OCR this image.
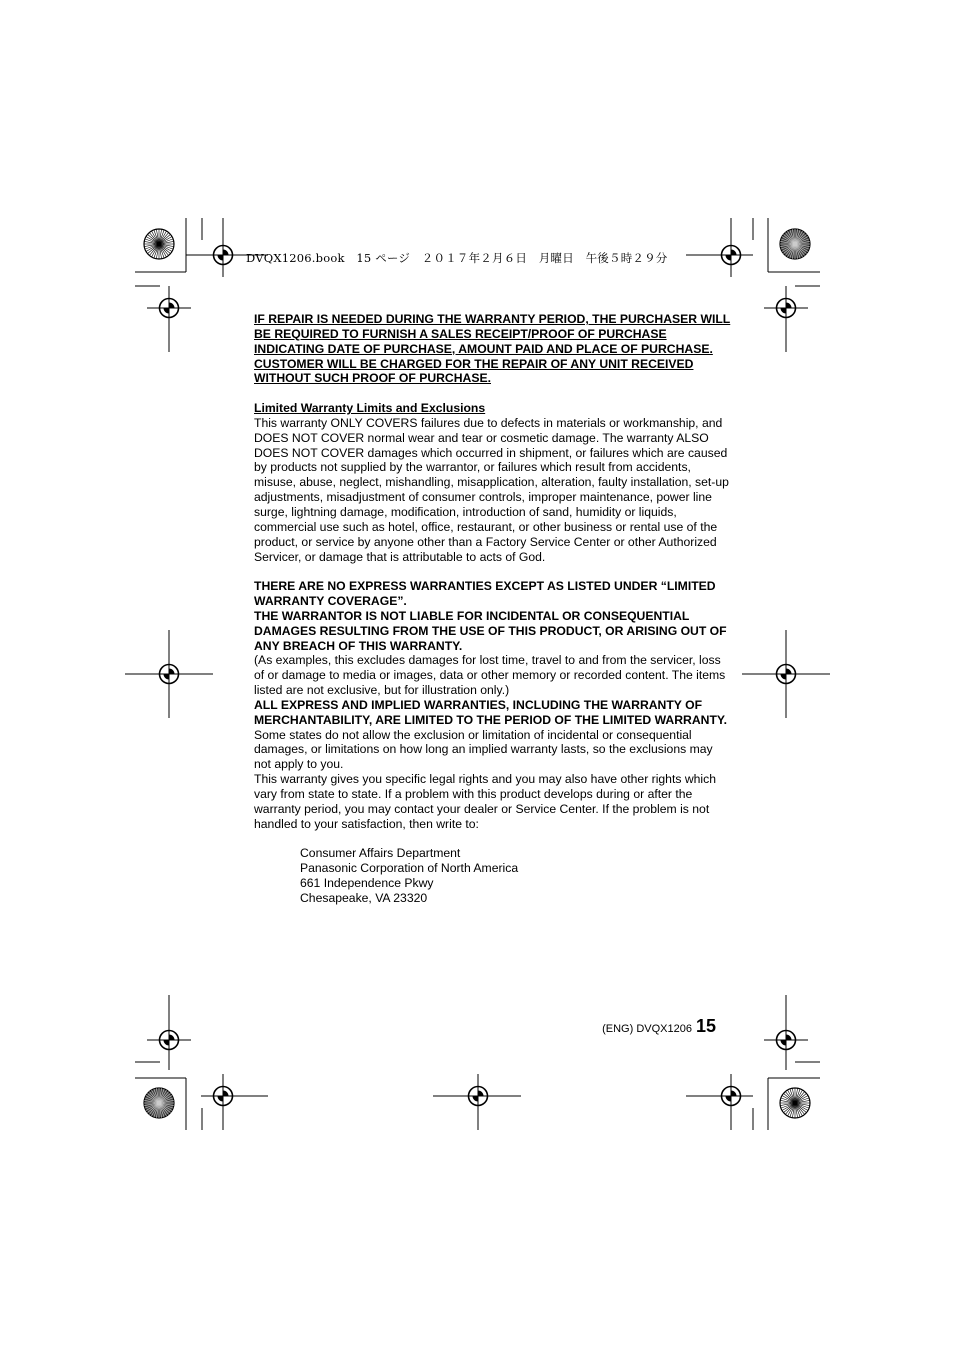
DVQX1206.book　15 ページ　２０１７年２月６日　月曜日　午後５時２９分

IF REPAIR IS NEEDED DURING THE WARRANTY PERIOD, THE PURCHASER WILL BE REQUIRED TO FURNISH A SALES RECEIPT/PROOF OF PURCHASE INDICATING DATE OF PURCHASE, AMOUNT PAID AND PLACE OF PURCHASE. CUSTOMER WILL BE CHARGED FOR THE REPAIR OF ANY UNIT RECEIVED WITHOUT SUCH PROOF OF PURCHASE.

Limited Warranty Limits and Exclusions

This warranty ONLY COVERS failures due to defects in materials or workmanship, and DOES NOT COVER normal wear and tear or cosmetic damage. The warranty ALSO DOES NOT COVER damages which occurred in shipment, or failures which are caused by products not supplied by the warrantor, or failures which result from accidents, misuse, abuse, neglect, mishandling, misapplication, alteration, faulty installation, set-up adjustments, misadjustment of consumer controls, improper maintenance, power line surge, lightning damage, modification, introduction of sand, humidity or liquids, commercial use such as hotel, office, restaurant, or other business or rental use of the product, or service by anyone other than a Factory Service Center or other Authorized Servicer, or damage that is attributable to acts of God.

THERE ARE NO EXPRESS WARRANTIES EXCEPT AS LISTED UNDER “LIMITED WARRANTY COVERAGE”.

THE WARRANTOR IS NOT LIABLE FOR INCIDENTAL OR CONSEQUENTIAL DAMAGES RESULTING FROM THE USE OF THIS PRODUCT, OR ARISING OUT OF ANY BREACH OF THIS WARRANTY.

(As examples, this excludes damages for lost time, travel to and from the servicer, loss of or damage to media or images, data or other memory or recorded content. The items listed are not exclusive, but for illustration only.)

ALL EXPRESS AND IMPLIED WARRANTIES, INCLUDING THE WARRANTY OF MERCHANTABILITY, ARE LIMITED TO THE PERIOD OF THE LIMITED WARRANTY.

Some states do not allow the exclusion or limitation of incidental or consequential damages, or limitations on how long an implied warranty lasts, so the exclusions may not apply to you.

This warranty gives you specific legal rights and you may also have other rights which vary from state to state. If a problem with this product develops during or after the warranty period, you may contact your dealer or Service Center. If the problem is not handled to your satisfaction, then write to:

Consumer Affairs Department

Panasonic Corporation of North America

661 Independence Pkwy

Chesapeake, VA 23320

(ENG) DVQX1206 15
